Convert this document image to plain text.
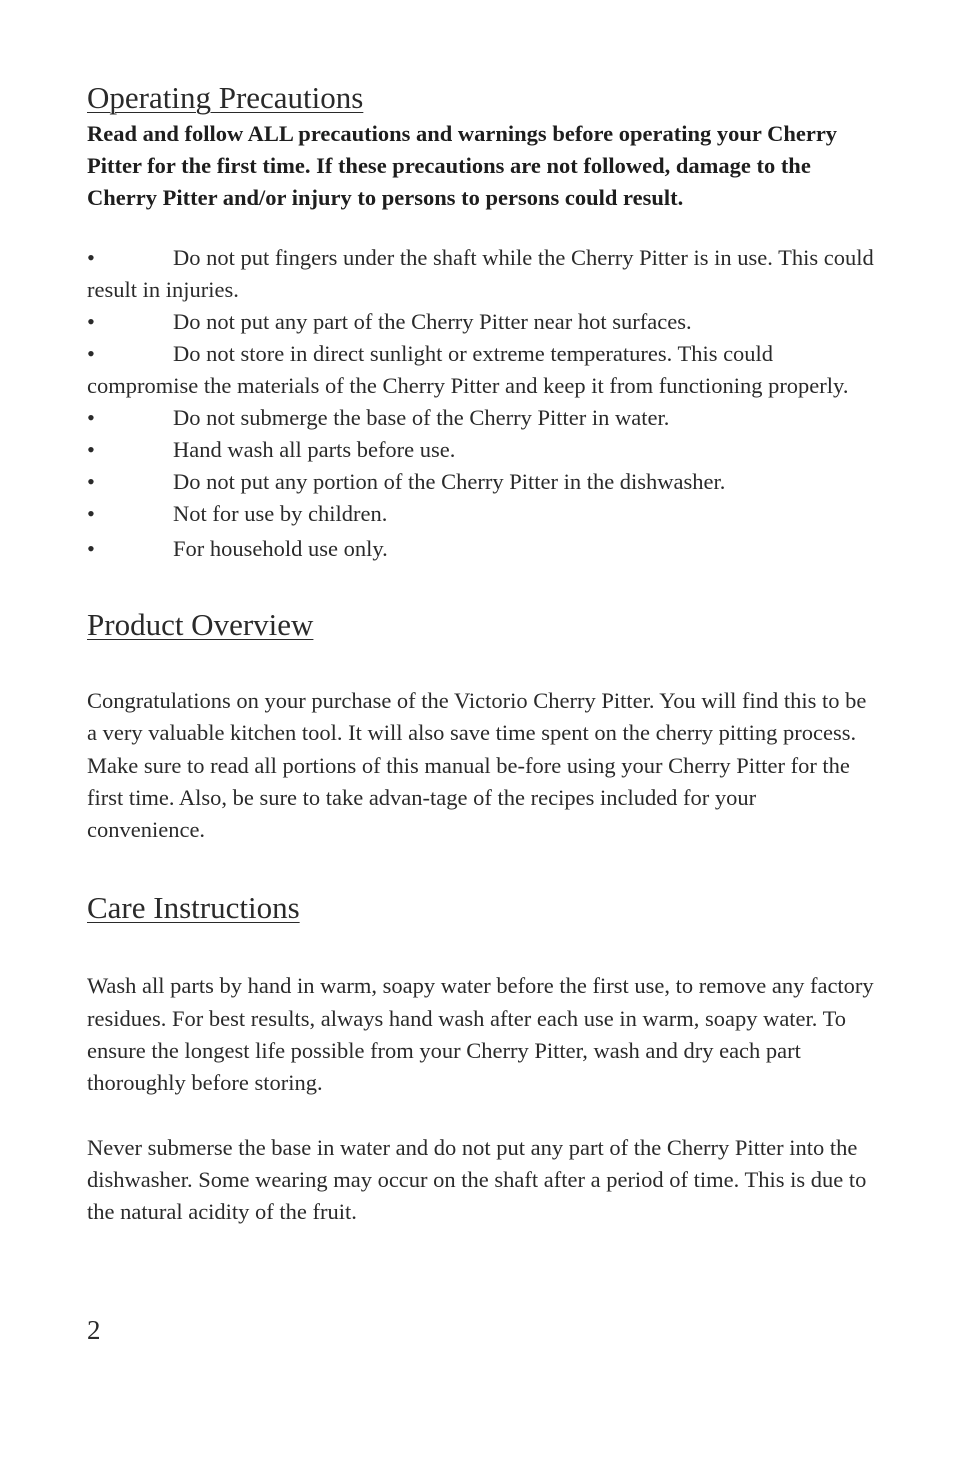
Operating Precautions

Read and follow ALL precautions and warnings before operating your Cherry Pitter for the first time. If these precautions are not followed, damage to the Cherry Pitter and/or injury to persons to persons could result.

•	Do not put fingers under the shaft while the Cherry Pitter is in use. This could result in injuries.
•	Do not put any part of the Cherry Pitter near hot surfaces.
•	Do not store in direct sunlight or extreme temperatures. This could compromise the materials of the Cherry Pitter and keep it from functioning properly.
•	Do not submerge the base of the Cherry Pitter in water.
•	Hand wash all parts before use.
•	Do not put any portion of the Cherry Pitter in the dishwasher.
•	Not for use by children.
•	For household use only.
Product Overview

Congratulations on your purchase of the Victorio Cherry Pitter. You will find this to be a very valuable kitchen tool. It will also save time spent on the cherry pitting process. Make sure to read all portions of this manual be-fore using your Cherry Pitter for the first time. Also, be sure to take advan-tage of the recipes included for your convenience.

Care Instructions

Wash all parts by hand in warm, soapy water before the first use, to remove any factory residues. For best results, always hand wash after each use in warm, soapy water. To ensure the longest life possible from your Cherry Pitter, wash and dry each part thoroughly before storing.

Never submerse the base in water and do not put any part of the Cherry Pitter into the dishwasher. Some wearing may occur on the shaft after a period of time. This is due to the natural acidity of the fruit.

2
